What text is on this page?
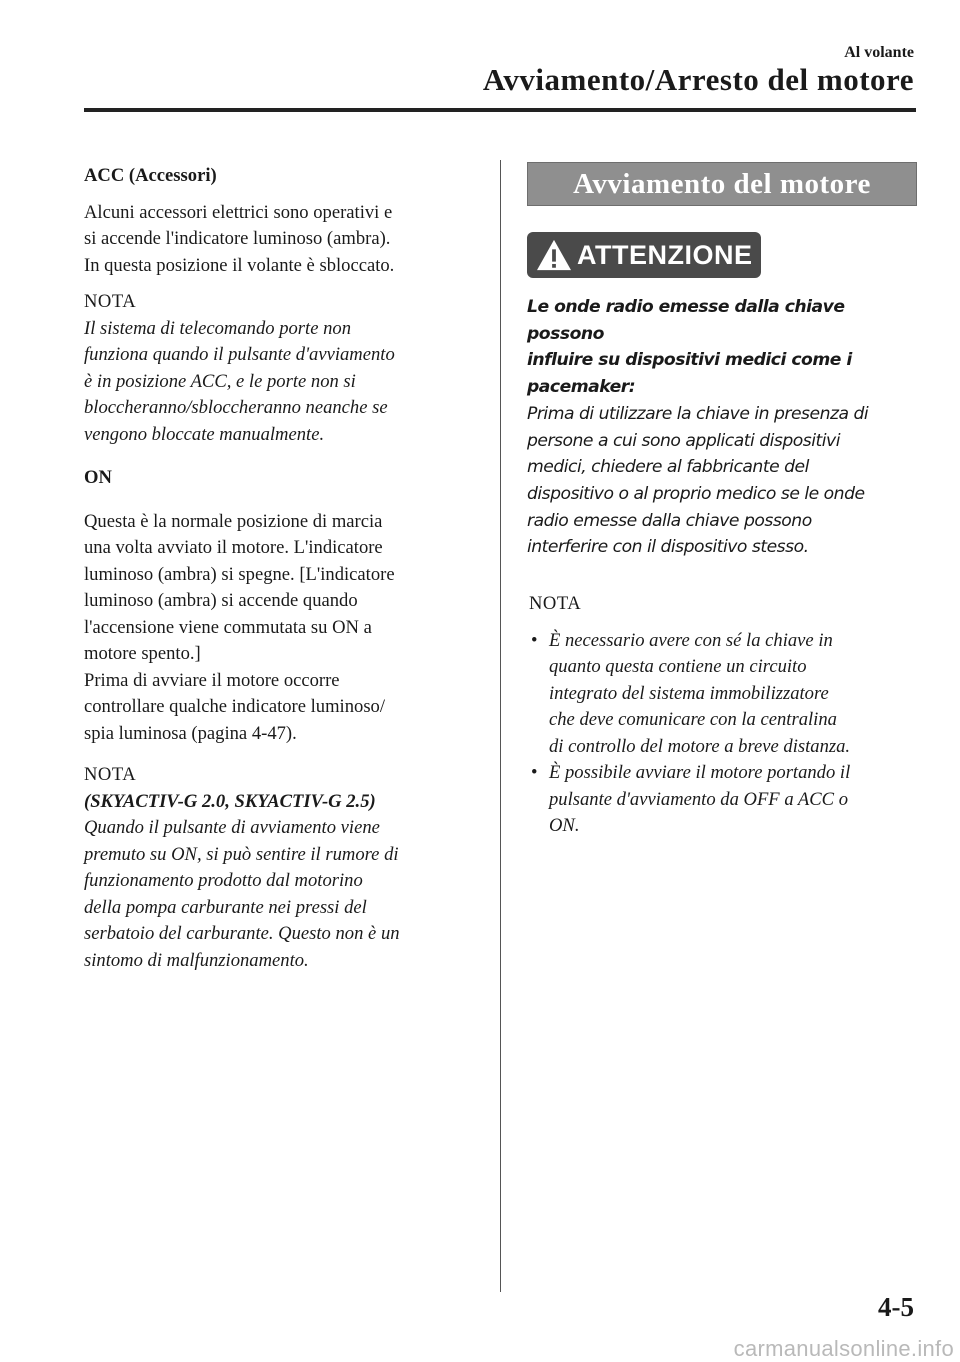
Al volante
Avviamento/Arresto del motore

ACC (Accessori)

Alcuni accessori elettrici sono operativi e

si accende l'indicatore luminoso (ambra).

In questa posizione il volante è sbloccato.

NOTA

Il sistema di telecomando porte non

funziona quando il pulsante d'avviamento

è in posizione ACC, e le porte non si

bloccheranno/sbloccheranno neanche se

vengono bloccate manualmente.

ON

Questa è la normale posizione di marcia

una volta avviato il motore. L'indicatore

luminoso (ambra) si spegne. [L'indicatore

luminoso (ambra) si accende quando

l'accensione viene commutata su ON a

motore spento.]

Prima di avviare il motore occorre

controllare qualche indicatore luminoso/

spia luminosa (pagina 4-47).

NOTA

(SKYACTIV-G 2.0, SKYACTIV-G 2.5)

Quando il pulsante di avviamento viene

premuto su ON, si può sentire il rumore di

funzionamento prodotto dal motorino

della pompa carburante nei pressi del

serbatoio del carburante. Questo non è un

sintomo di malfunzionamento.

Avviamento del motore
ATTENZIONE

Le onde radio emesse dalla chiave possono

influire su dispositivi medici come i

pacemaker:

Prima di utilizzare la chiave in presenza di

persone a cui sono applicati dispositivi

medici, chiedere al fabbricante del

dispositivo o al proprio medico se le onde

radio emesse dalla chiave possono

interferire con il dispositivo stesso.

NOTA
• È necessario avere con sé la chiave in
quanto questa contiene un circuito
integrato del sistema immobilizzatore
che deve comunicare con la centralina
di controllo del motore a breve distanza.
• È possibile avviare il motore portando il
pulsante d'avviamento da OFF a ACC o
ON.
4-5
carmanualsonline.info
